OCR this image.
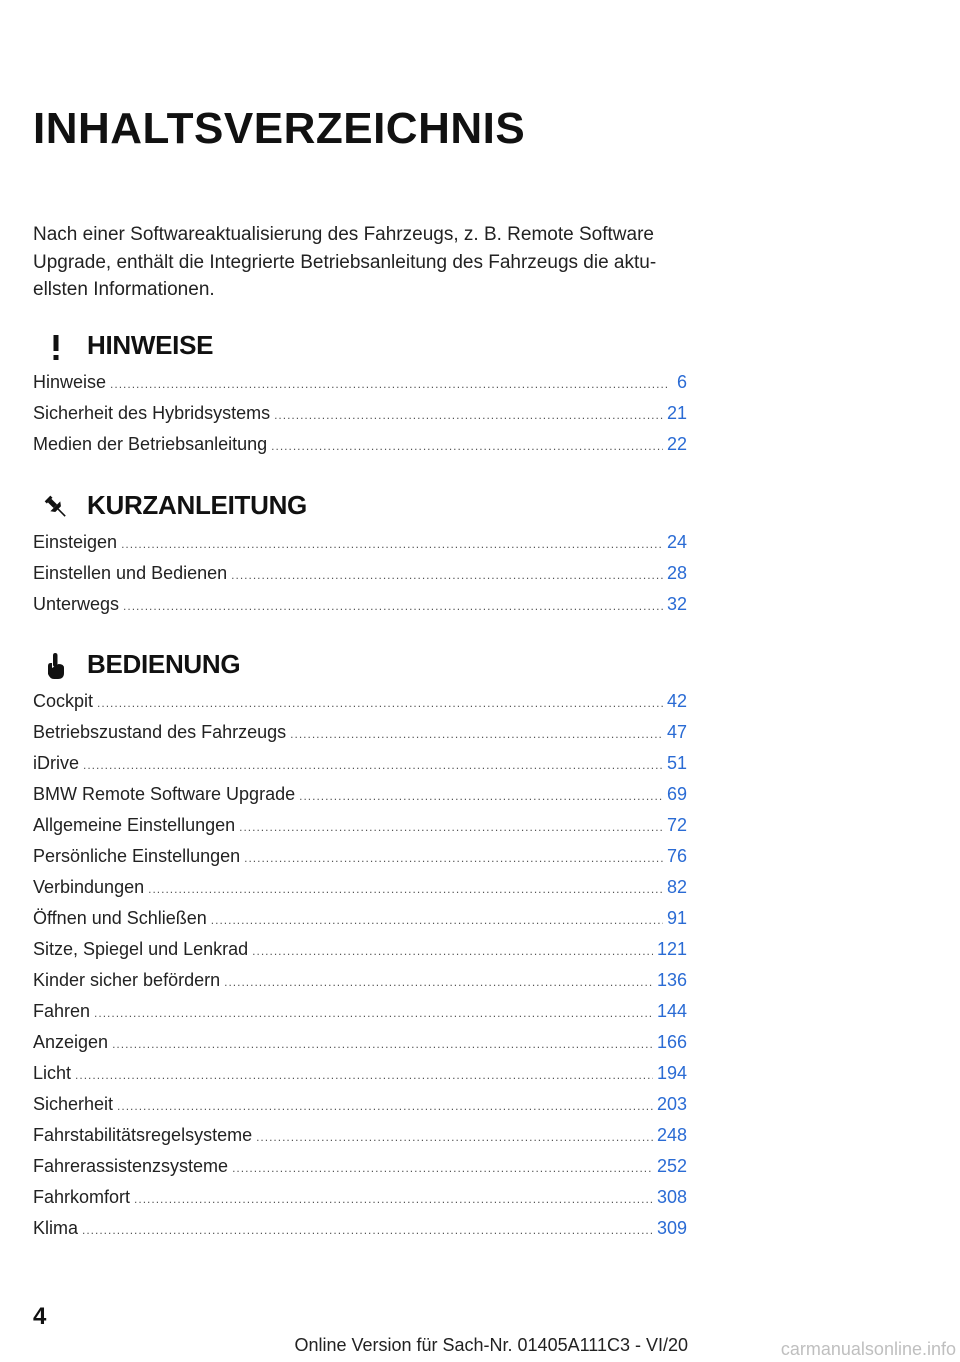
INHALTSVERZEICHNIS

Nach einer Softwareaktualisierung des Fahrzeugs, z. B. Remote Software Upgrade, enthält die Integrierte Betriebsanleitung des Fahrzeugs die aktu-ellsten Informationen.

HINWEISE
Hinweise .....	6
Sicherheit des Hybridsystems .....	21
Medien der Betriebsanleitung .....	22
KURZANLEITUNG
Einsteigen .....	24
Einstellen und Bedienen .....	28
Unterwegs .....	32
BEDIENUNG
Cockpit .....	42
Betriebszustand des Fahrzeugs .....	47
iDrive .....	51
BMW Remote Software Upgrade .....	69
Allgemeine Einstellungen .....	72
Persönliche Einstellungen .....	76
Verbindungen .....	82
Öffnen und Schließen .....	91
Sitze, Spiegel und Lenkrad .....	121
Kinder sicher befördern .....	136
Fahren .....	144
Anzeigen .....	166
Licht .....	194
Sicherheit .....	203
Fahrstabilitätsregelsysteme .....	248
Fahrerassistenzsysteme .....	252
Fahrkomfort .....	308
Klima .....	309
4
Online Version für Sach-Nr. 01405A111C3 - VI/20	carmanualsonline.info
